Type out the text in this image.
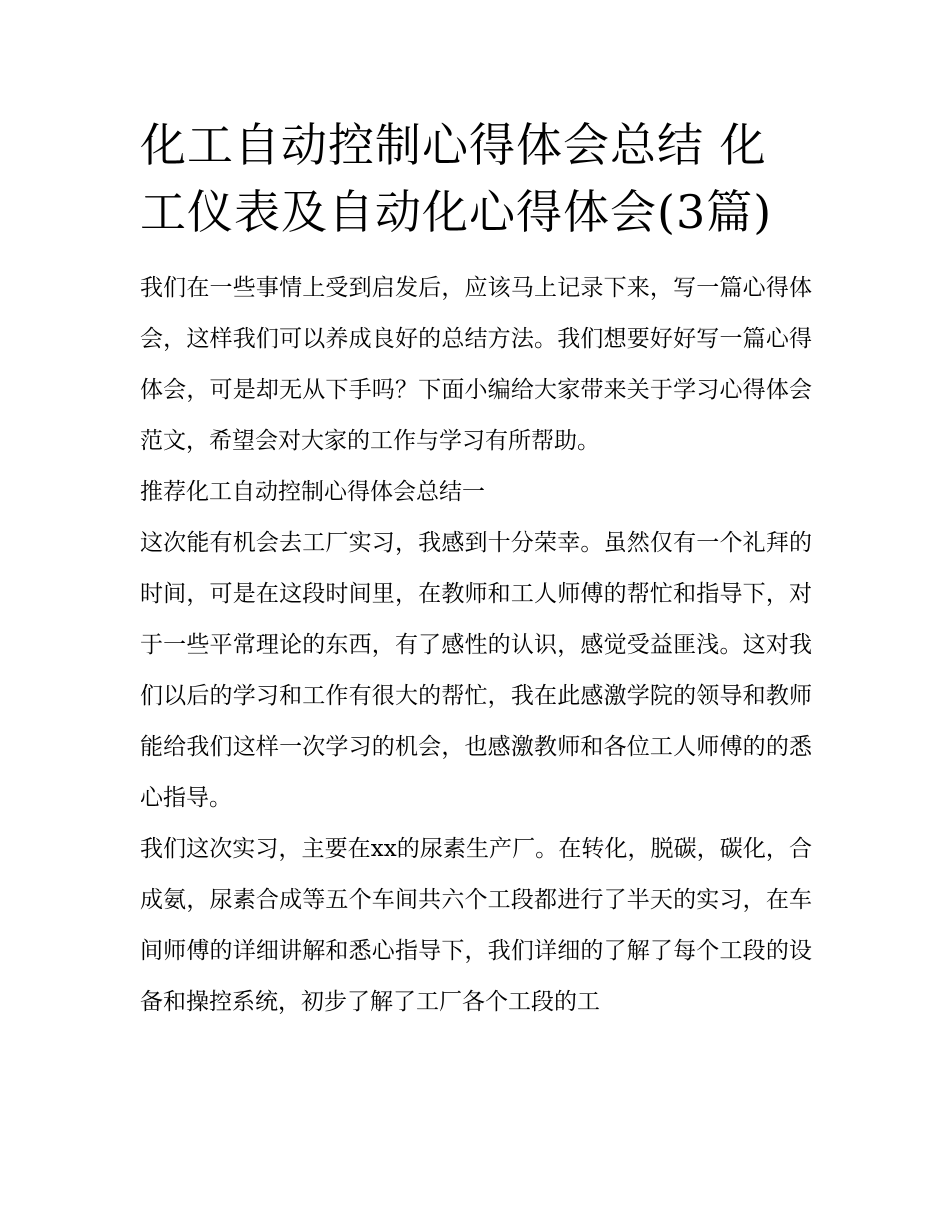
化工自动控制心得体会总结 化工仪表及自动化心得体会(3篇)

我们在一些事情上受到启发后，应该马上记录下来，写一篇心得体会，这样我们可以养成良好的总结方法。我们想要好好写一篇心得体会，可是却无从下手吗？下面小编给大家带来关于学习心得体会范文，希望会对大家的工作与学习有所帮助。

推荐化工自动控制心得体会总结一

这次能有机会去工厂实习，我感到十分荣幸。虽然仅有一个礼拜的时间，可是在这段时间里，在教师和工人师傅的帮忙和指导下，对于一些平常理论的东西，有了感性的认识，感觉受益匪浅。这对我们以后的学习和工作有很大的帮忙，我在此感激学院的领导和教师能给我们这样一次学习的机会，也感激教师和各位工人师傅的的悉心指导。

我们这次实习，主要在xx的尿素生产厂。在转化，脱碳，碳化，合成氨，尿素合成等五个车间共六个工段都进行了半天的实习，在车间师傅的详细讲解和悉心指导下，我们详细的了解了每个工段的设备和操控系统，初步了解了工厂各个工段的工
